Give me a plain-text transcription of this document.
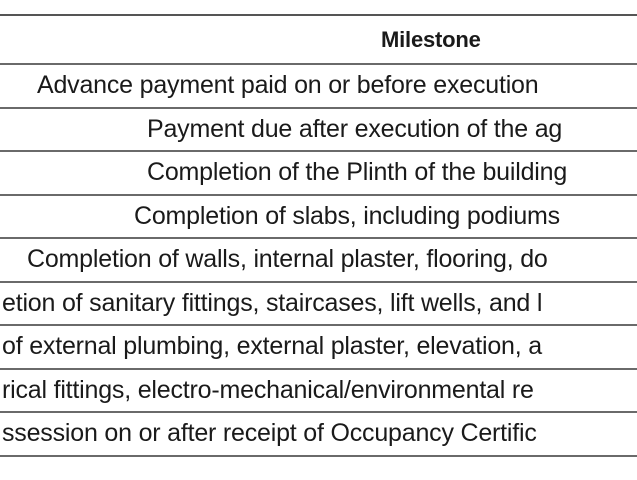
Milestone
Advance payment paid on or before execution
Payment due after execution of the ag
Completion of the Plinth of the building
Completion of slabs, including podiums
Completion of walls, internal plaster, flooring, do
etion of sanitary fittings, staircases, lift wells, and l
of external plumbing, external plaster, elevation, a
rical fittings, electro-mechanical/environmental re
ssession on or after receipt of Occupancy Certific
